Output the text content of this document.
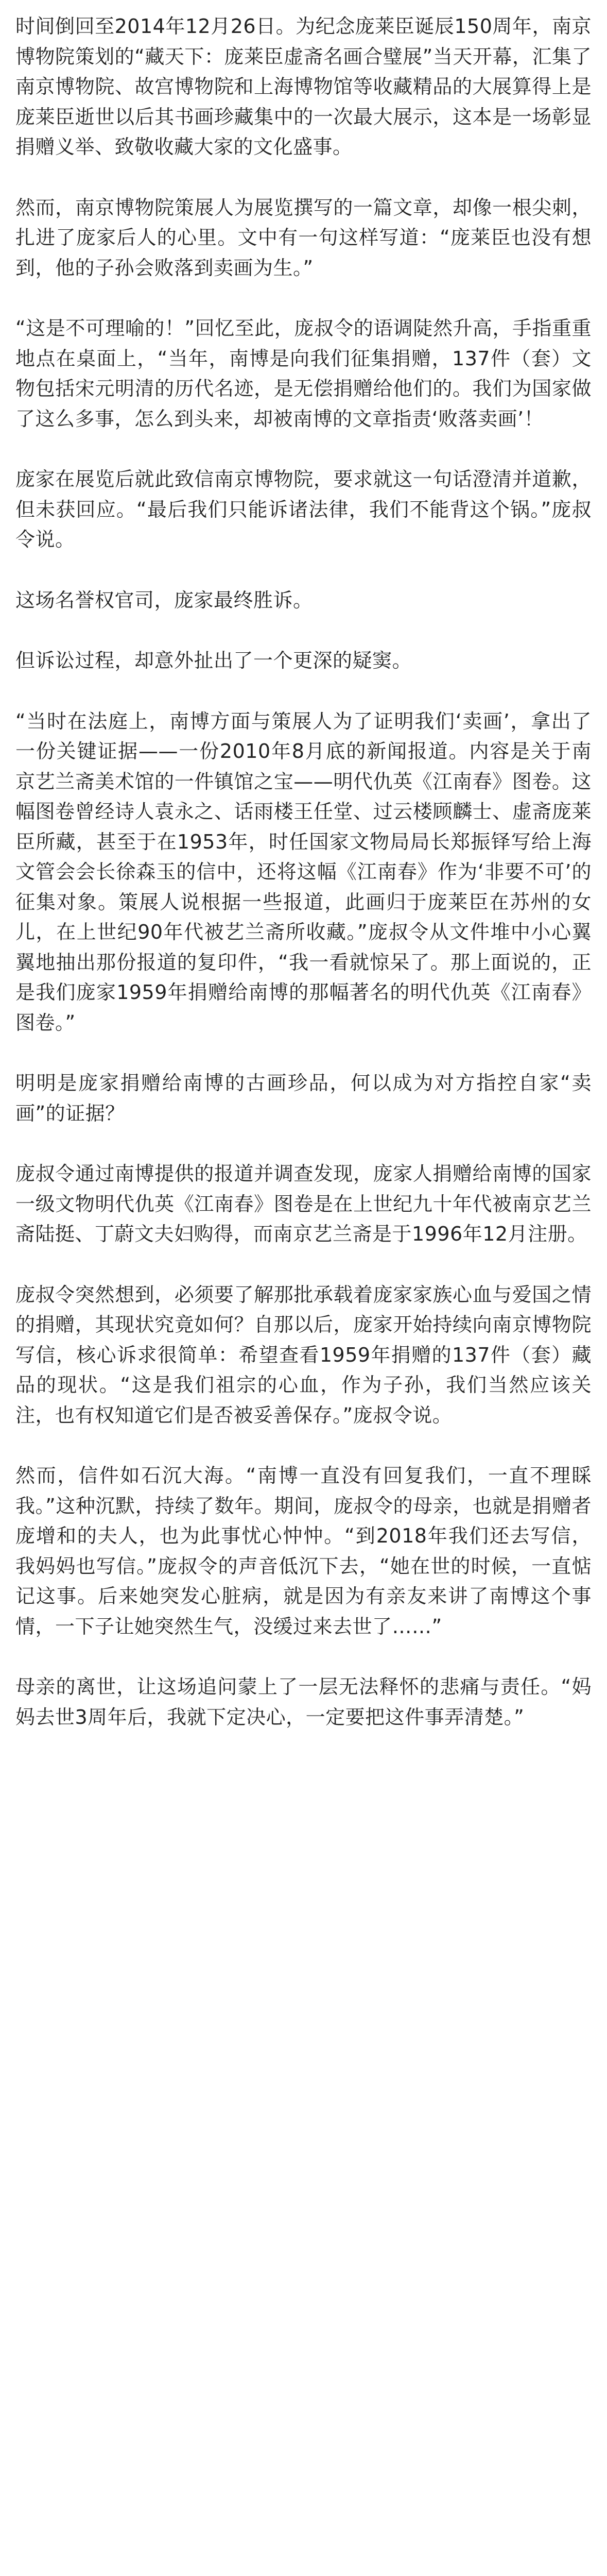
时间倒回至2014年12月26日。为纪念庞莱臣诞辰150周年，南京博物院策划的“藏天下：庞莱臣虚斋名画合璧展”当天开幕，汇集了南京博物院、故宫博物院和上海博物馆等收藏精品的大展算得上是庞莱臣逝世以后其书画珍藏集中的一次最大展示，这本是一场彰显捐赠义举、致敬收藏大家的文化盛事。

然而，南京博物院策展人为展览撰写的一篇文章，却像一根尖刺，扎进了庞家后人的心里。文中有一句这样写道：“庞莱臣也没有想到，他的子孙会败落到卖画为生。”

“这是不可理喻的！”回忆至此，庞叔令的语调陡然升高，手指重重地点在桌面上，“当年，南博是向我们征集捐赠，137件（套）文物包括宋元明清的历代名迹，是无偿捐赠给他们的。我们为国家做了这么多事，怎么到头来，却被南博的文章指责‘败落卖画’！

庞家在展览后就此致信南京博物院，要求就这一句话澄清并道歉，但未获回应。“最后我们只能诉诸法律，我们不能背这个锅。”庞叔令说。

这场名誉权官司，庞家最终胜诉。

但诉讼过程，却意外扯出了一个更深的疑窦。

“当时在法庭上，南博方面与策展人为了证明我们‘卖画’，拿出了一份关键证据——一份2010年8月底的新闻报道。内容是关于南京艺兰斋美术馆的一件镇馆之宝——明代仇英《江南春》图卷。这幅图卷曾经诗人袁永之、话雨楼王任堂、过云楼顾麟士、虚斋庞莱臣所藏，甚至于在1953年，时任国家文物局局长郑振铎写给上海文管会会长徐森玉的信中，还将这幅《江南春》作为‘非要不可’的征集对象。策展人说根据一些报道，此画归于庞莱臣在苏州的女儿，在上世纪90年代被艺兰斋所收藏。”庞叔令从文件堆中小心翼翼地抽出那份报道的复印件，“我一看就惊呆了。那上面说的，正是我们庞家1959年捐赠给南博的那幅著名的明代仇英《江南春》图卷。”

明明是庞家捐赠给南博的古画珍品，何以成为对方指控自家“卖画”的证据？

庞叔令通过南博提供的报道并调查发现，庞家人捐赠给南博的国家一级文物明代仇英《江南春》图卷是在上世纪九十年代被南京艺兰斋陆挺、丁蔚文夫妇购得，而南京艺兰斋是于1996年12月注册。

庞叔令突然想到，必须要了解那批承载着庞家家族心血与爱国之情的捐赠，其现状究竟如何？自那以后，庞家开始持续向南京博物院写信，核心诉求很简单：希望查看1959年捐赠的137件（套）藏品的现状。“这是我们祖宗的心血，作为子孙，我们当然应该关注，也有权知道它们是否被妥善保存。”庞叔令说。

然而，信件如石沉大海。“南博一直没有回复我们，一直不理睬我。”这种沉默，持续了数年。期间，庞叔令的母亲，也就是捐赠者庞增和的夫人，也为此事忧心忡忡。“到2018年我们还去写信，我妈妈也写信。”庞叔令的声音低沉下去，“她在世的时候，一直惦记这事。后来她突发心脏病，就是因为有亲友来讲了南博这个事情，一下子让她突然生气，没缓过来去世了……”

母亲的离世，让这场追问蒙上了一层无法释怀的悲痛与责任。“妈妈去世3周年后，我就下定决心，一定要把这件事弄清楚。”
